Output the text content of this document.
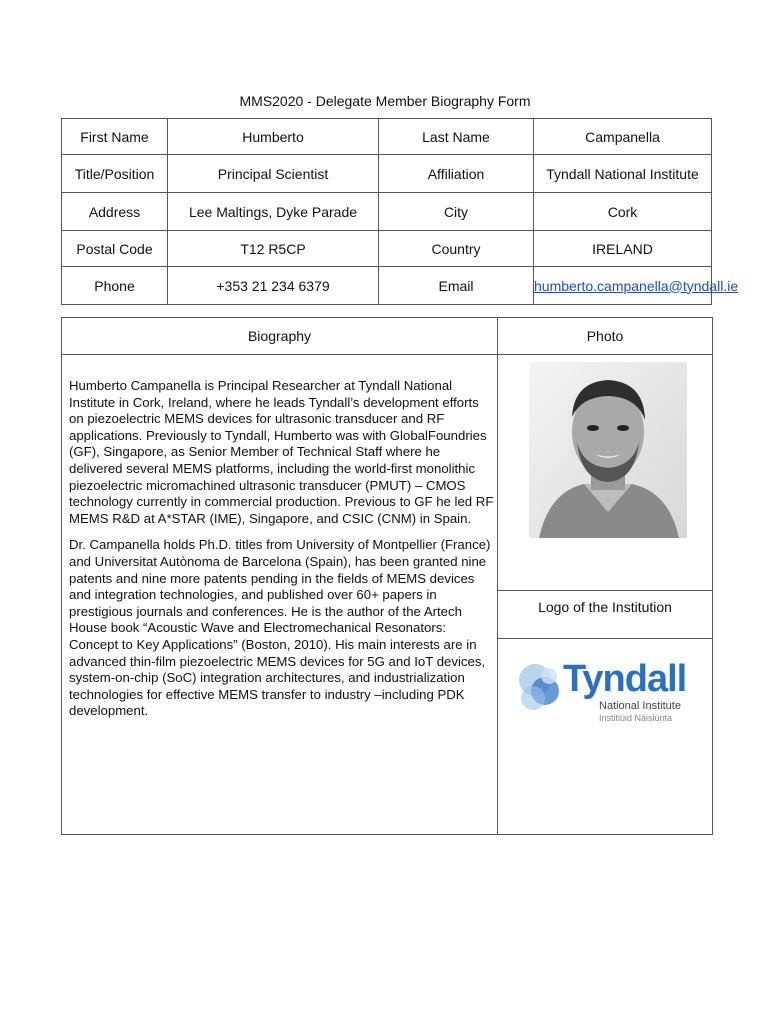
MMS2020 - Delegate Member Biography Form
First Name	Humberto	Last Name	Campanella
Title/Position	Principal Scientist	Affiliation	Tyndall National Institute
Address	Lee Maltings, Dyke Parade	City	Cork
Postal Code	T12 R5CP	Country	IRELAND
Phone	+353 21 234 6379	Email	humberto.campanella@tyndall.ie
Biography	Photo

Humberto Campanella is Principal Researcher at Tyndall National Institute in Cork, Ireland, where he leads Tyndall’s development efforts on piezoelectric MEMS devices for ultrasonic transducer and RF applications. Previously to Tyndall, Humberto was with GlobalFoundries (GF), Singapore, as Senior Member of Technical Staff where he delivered several MEMS platforms, including the world-first monolithic piezoelectric micromachined ultrasonic transducer (PMUT) – CMOS technology currently in commercial production. Previous to GF he led RF MEMS R&D at A*STAR (IME), Singapore, and CSIC (CNM) in Spain.

Dr. Campanella holds Ph.D. titles from University of Montpellier (France) and Universitat Autònoma de Barcelona (Spain), has been granted nine patents and nine more patents pending in the fields of MEMS devices and integration technologies, and published over 60+ papers in prestigious journals and conferences. He is the author of the Artech House book “Acoustic Wave and Electromechanical Resonators: Concept to Key Applications” (Boston, 2010). His main interests are in advanced thin-film piezoelectric MEMS devices for 5G and IoT devices, system-on-chip (SoC) integration architectures, and industrialization technologies for effective MEMS transfer to industry –including PDK development.

Logo of the Institution
Tyndall
National Institute
Institiúid Náisiúnta
